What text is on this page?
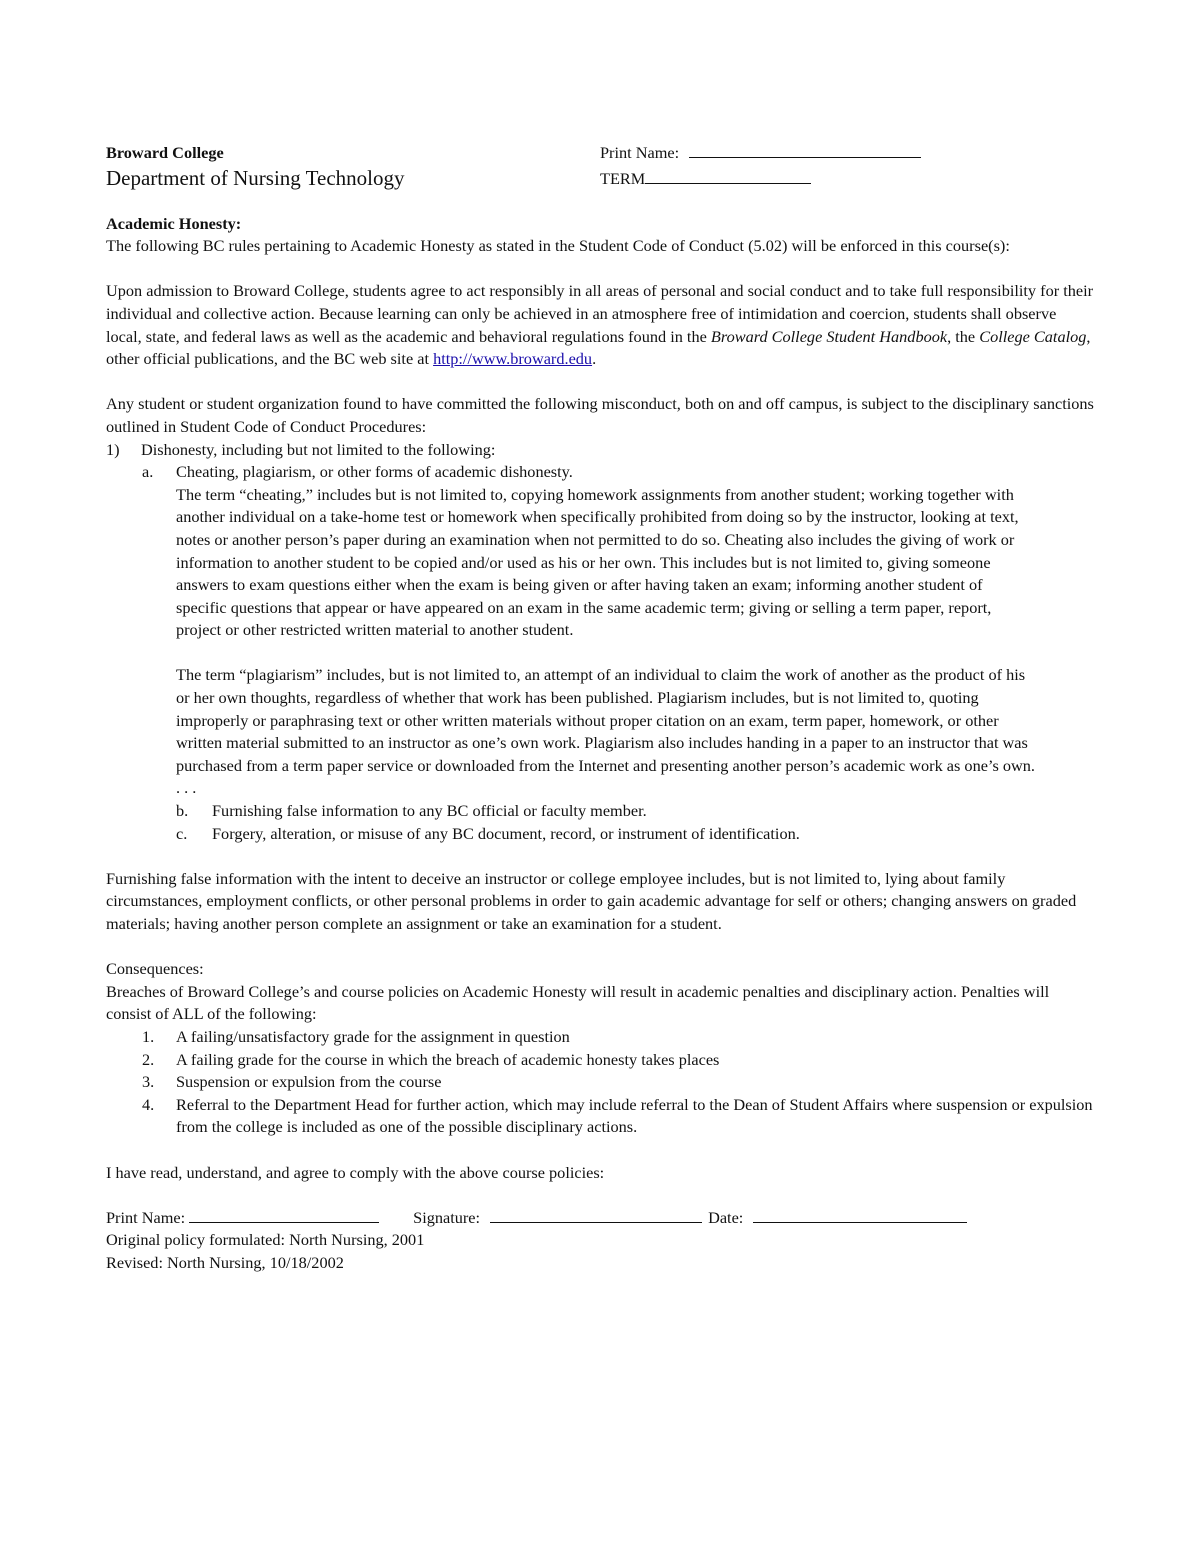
Broward College	Print Name:
Department of Nursing Technology	TERM

Academic Honesty:

The following BC rules pertaining to Academic Honesty as stated in the Student Code of Conduct (5.02) will be enforced in this course(s):

Upon admission to Broward College, students agree to act responsibly in all areas of personal and social conduct and to take full responsibility for their individual and collective action. Because learning can only be achieved in an atmosphere free of intimidation and coercion, students shall observe local, state, and federal laws as well as the academic and behavioral regulations found in the Broward College Student Handbook, the College Catalog, other official publications, and the BC web site at http://www.broward.edu.

Any student or student organization found to have committed the following misconduct, both on and off campus, is subject to the disciplinary sanctions outlined in Student Code of Conduct Procedures:

1) Dishonesty, including but not limited to the following:
a. Cheating, plagiarism, or other forms of academic dishonesty.

The term “cheating,” includes but is not limited to, copying homework assignments from another student; working together with another individual on a take-home test or homework when specifically prohibited from doing so by the instructor, looking at text, notes or another person’s paper during an examination when not permitted to do so. Cheating also includes the giving of work or information to another student to be copied and/or used as his or her own. This includes but is not limited to, giving someone answers to exam questions either when the exam is being given or after having taken an exam; informing another student of specific questions that appear or have appeared on an exam in the same academic term; giving or selling a term paper, report, project or other restricted written material to another student.

The term “plagiarism” includes, but is not limited to, an attempt of an individual to claim the work of another as the product of his or her own thoughts, regardless of whether that work has been published. Plagiarism includes, but is not limited to, quoting improperly or paraphrasing text or other written materials without proper citation on an exam, term paper, homework, or other written material submitted to an instructor as one’s own work. Plagiarism also includes handing in a paper to an instructor that was purchased from a term paper service or downloaded from the Internet and presenting another person’s academic work as one’s own. . . .

b. Furnishing false information to any BC official or faculty member.
c. Forgery, alteration, or misuse of any BC document, record, or instrument of identification.

Furnishing false information with the intent to deceive an instructor or college employee includes, but is not limited to, lying about family circumstances, employment conflicts, or other personal problems in order to gain academic advantage for self or others; changing answers on graded materials; having another person complete an assignment or take an examination for a student.

Consequences:

Breaches of Broward College’s and course policies on Academic Honesty will result in academic penalties and disciplinary action. Penalties will consist of ALL of the following:

1. A failing/unsatisfactory grade for the assignment in question
2. A failing grade for the course in which the breach of academic honesty takes places
3. Suspension or expulsion from the course
4. Referral to the Department Head for further action, which may include referral to the Dean of Student Affairs where suspension or expulsion from the college is included as one of the possible disciplinary actions.

I have read, understand, and agree to comply with the above course policies:

Print Name:	Signature:	Date:

Original policy formulated: North Nursing, 2001

Revised: North Nursing, 10/18/2002
